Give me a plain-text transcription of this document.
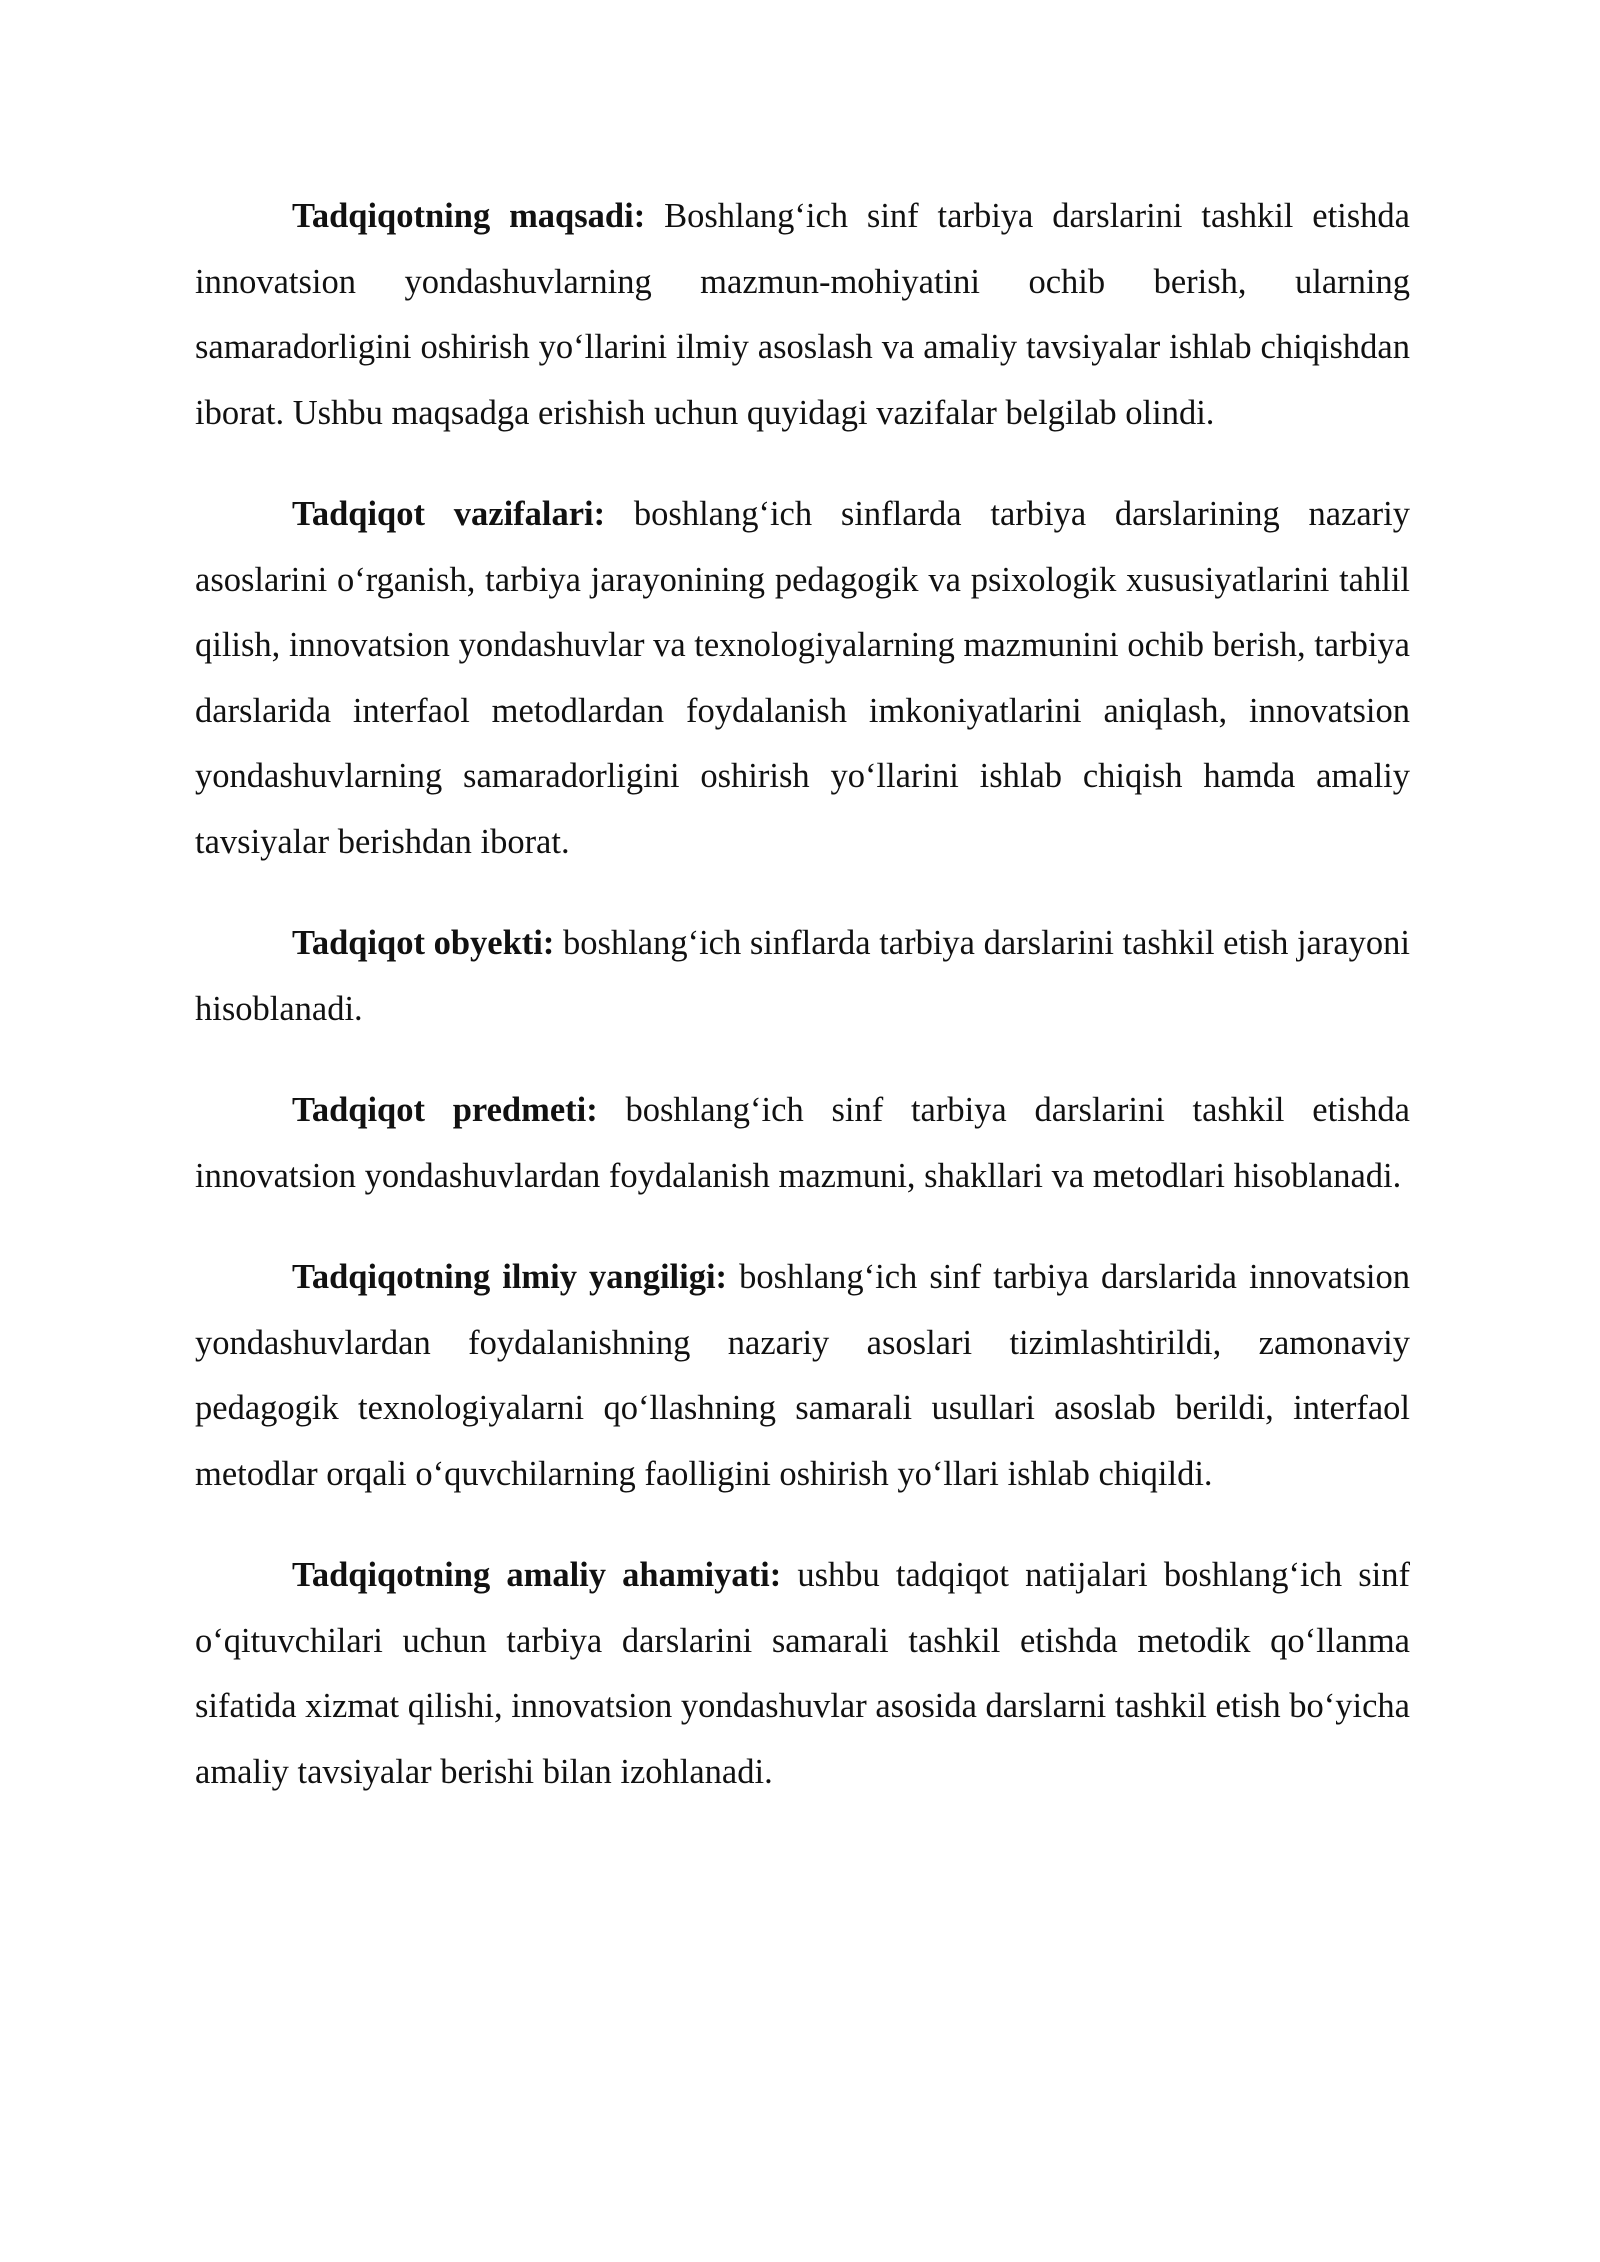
Tadqiqotning maqsadi: Boshlang‘ich sinf tarbiya darslarini tashkil etishda innovatsion yondashuvlarning mazmun-mohiyatini ochib berish, ularning samaradorligini oshirish yo‘llarini ilmiy asoslash va amaliy tavsiyalar ishlab chiqishdan iborat. Ushbu maqsadga erishish uchun quyidagi vazifalar belgilab olindi.

Tadqiqot vazifalari: boshlang‘ich sinflarda tarbiya darslarining nazariy asoslarini o‘rganish, tarbiya jarayonining pedagogik va psixologik xususiyatlarini tahlil qilish, innovatsion yondashuvlar va texnologiyalarning mazmunini ochib berish, tarbiya darslarida interfaol metodlardan foydalanish imkoniyatlarini aniqlash, innovatsion yondashuvlarning samaradorligini oshirish yo‘llarini ishlab chiqish hamda amaliy tavsiyalar berishdan iborat.

Tadqiqot obyekti: boshlang‘ich sinflarda tarbiya darslarini tashkil etish jarayoni hisoblanadi.

Tadqiqot predmeti: boshlang‘ich sinf tarbiya darslarini tashkil etishda innovatsion yondashuvlardan foydalanish mazmuni, shakllari va metodlari hisoblanadi.

Tadqiqotning ilmiy yangiligi: boshlang‘ich sinf tarbiya darslarida innovatsion yondashuvlardan foydalanishning nazariy asoslari tizimlashtirildi, zamonaviy pedagogik texnologiyalarni qo‘llashning samarali usullari asoslab berildi, interfaol metodlar orqali o‘quvchilarning faolligini oshirish yo‘llari ishlab chiqildi.

Tadqiqotning amaliy ahamiyati: ushbu tadqiqot natijalari boshlang‘ich sinf o‘qituvchilari uchun tarbiya darslarini samarali tashkil etishda metodik qo‘llanma sifatida xizmat qilishi, innovatsion yondashuvlar asosida darslarni tashkil etish bo‘yicha amaliy tavsiyalar berishi bilan izohlanadi.
